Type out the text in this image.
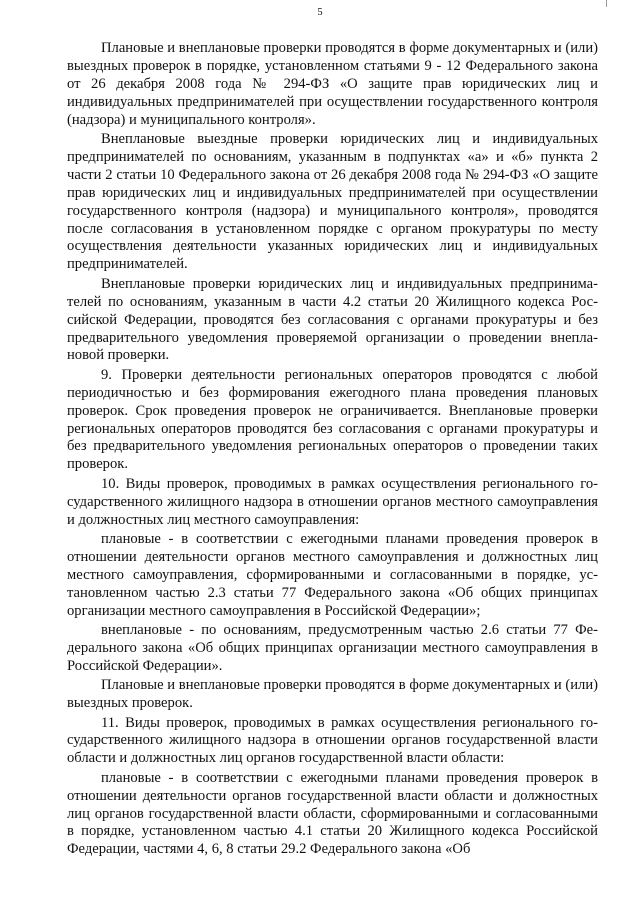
5

Плановые и внеплановые проверки проводятся в форме документарных и (или) выездных проверок в порядке, установленном статьями 9 - 12 Федерального закона от 26 декабря 2008 года № 294-ФЗ «О защите прав юридических лиц и индивидуальных предпринимателей при осуществлении государственного контроля (надзора) и муниципального контроля».

Внеплановые выездные проверки юридических лиц и индивидуальных предпринимателей по основаниям, указанным в подпунктах «а» и «б» пункта 2 части 2 статьи 10 Федерального закона от 26 декабря 2008 года № 294-ФЗ «О защите прав юридических лиц и индивидуальных предпринимателей при осуществлении государственного контроля (надзора) и муниципального контроля», проводятся после согласования в установленном порядке с органом прокуратуры по месту осуществления деятельности указанных юридических лиц и индивидуальных предпринимателей.

Внеплановые проверки юридических лиц и индивидуальных предпринимателей по основаниям, указанным в части 4.2 статьи 20 Жилищного кодекса Российской Федерации, проводятся без согласования с органами прокуратуры и без предварительного уведомления проверяемой организации о проведении внеплановой проверки.

9. Проверки деятельности региональных операторов проводятся с любой периодичностью и без формирования ежегодного плана проведения плановых проверок. Срок проведения проверок не ограничивается. Внеплановые проверки региональных операторов проводятся без согласования с органами прокуратуры и без предварительного уведомления региональных операторов о проведении таких проверок.

10. Виды проверок, проводимых в рамках осуществления регионального государственного жилищного надзора в отношении органов местного самоуправления и должностных лиц местного самоуправления:

плановые - в соответствии с ежегодными планами проведения проверок в отношении деятельности органов местного самоуправления и должностных лиц местного самоуправления, сформированными и согласованными в порядке, установленном частью 2.3 статьи 77 Федерального закона «Об общих принципах организации местного самоуправления в Российской Федерации»;

внеплановые - по основаниям, предусмотренным частью 2.6 статьи 77 Федерального закона «Об общих принципах организации местного самоуправления в Российской Федерации».

Плановые и внеплановые проверки проводятся в форме документарных и (или) выездных проверок.

11. Виды проверок, проводимых в рамках осуществления регионального государственного жилищного надзора в отношении органов государственной власти области и должностных лиц органов государственной власти области:

плановые - в соответствии с ежегодными планами проведения проверок в отношении деятельности органов государственной власти области и должностных лиц органов государственной власти области, сформированными и согласованными в порядке, установленном частью 4.1 статьи 20 Жилищного кодекса Российской Федерации, частями 4, 6, 8 статьи 29.2 Федерального закона «Об
